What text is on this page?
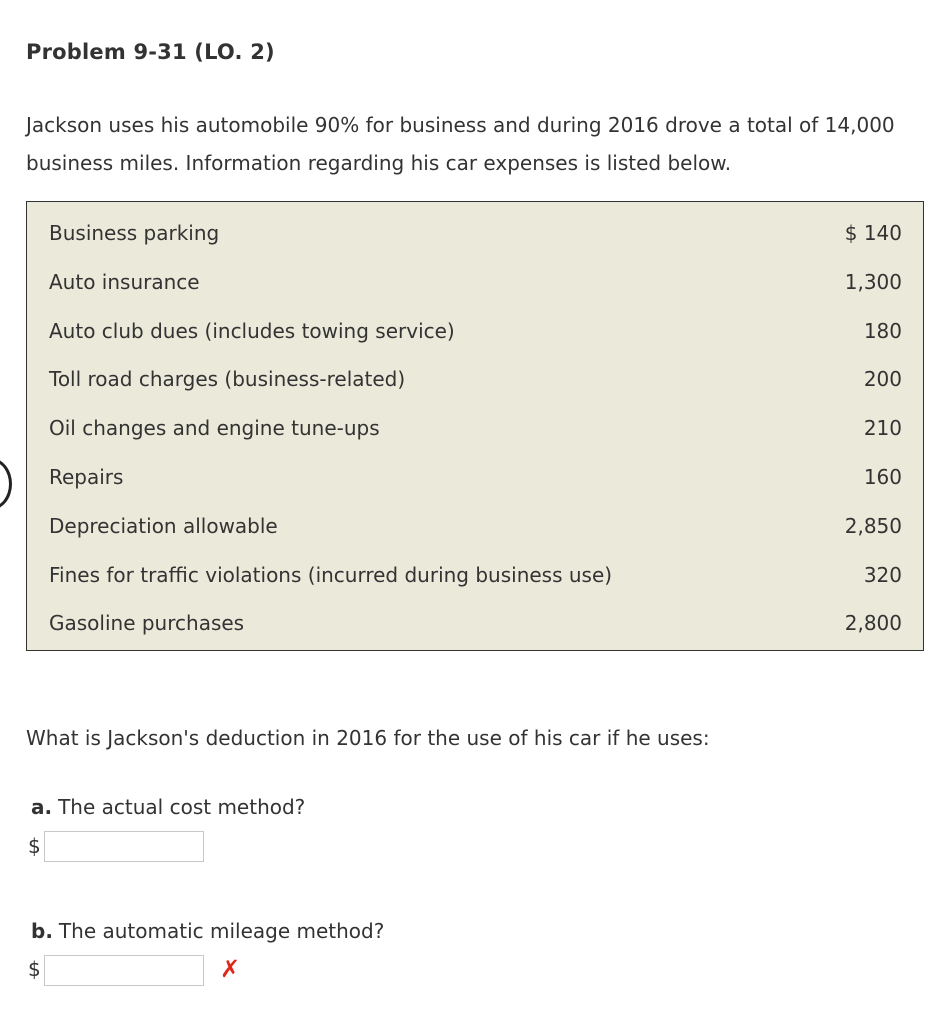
Problem 9-31 (LO. 2)
Jackson uses his automobile 90% for business and during 2016 drove a total of 14,000 business miles. Information regarding his car expenses is listed below.
Business parking	$ 140
Auto insurance	1,300
Auto club dues (includes towing service)	180
Toll road charges (business-related)	200
Oil changes and engine tune-ups	210
Repairs	160
Depreciation allowable	2,850
Fines for traffic violations (incurred during business use)	320
Gasoline purchases	2,800
What is Jackson's deduction in 2016 for the use of his car if he uses:
a. The actual cost method?
$
b. The automatic mileage method?
$	✗
